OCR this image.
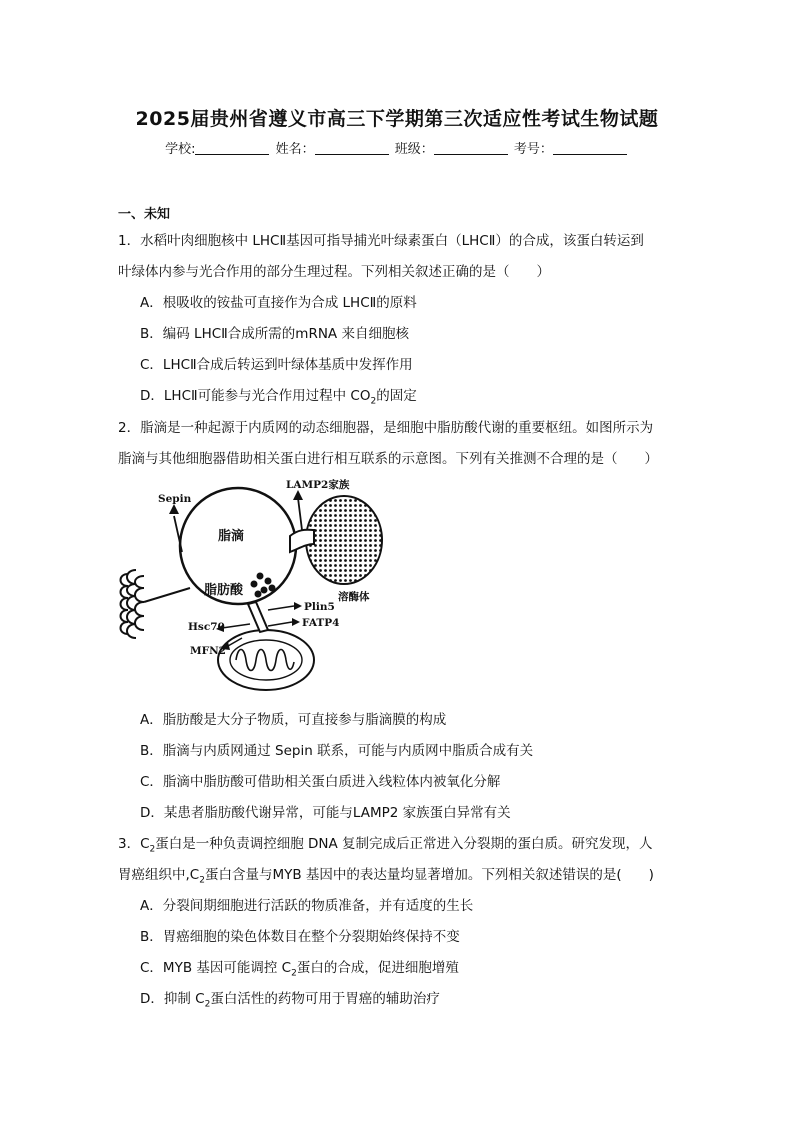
2025届贵州省遵义市高三下学期第三次适应性考试生物试题
学校:	姓名：	班级：	考号：
一、未知
1．水稻叶肉细胞核中 LHCⅡ基因可指导捕光叶绿素蛋白（LHCⅡ）的合成，该蛋白转运到
叶绿体内参与光合作用的部分生理过程。下列相关叙述正确的是（　　）
A．根吸收的铵盐可直接作为合成 LHCⅡ的原料
B．编码 LHCⅡ合成所需的mRNA 来自细胞核
C．LHCⅡ合成后转运到叶绿体基质中发挥作用
D．LHCⅡ可能参与光合作用过程中 $CO_2$的固定
2．脂滴是一种起源于内质网的动态细胞器，是细胞中脂肪酸代谢的重要枢纽。如图所示为
脂滴与其他细胞器借助相关蛋白进行相互联系的示意图。下列有关推测不合理的是（　　）
Sepin
LAMP2家族
溶酶体
Plin5
FATP4
Hsc70
MFN2
脂滴
脂肪酸
A．脂肪酸是大分子物质，可直接参与脂滴膜的构成
B．脂滴与内质网通过 Sepin 联系，可能与内质网中脂质合成有关
C．脂滴中脂肪酸可借助相关蛋白质进入线粒体内被氧化分解
D．某患者脂肪酸代谢异常，可能与LAMP2 家族蛋白异常有关
3．$C_2$蛋白是一种负责调控细胞 DNA 复制完成后正常进入分裂期的蛋白质。研究发现，人
胃癌组织中$,C_2$蛋白含量与MYB 基因中的表达量均显著增加。下列相关叙述错误的是(　　)
A．分裂间期细胞进行活跃的物质准备，并有适度的生长
B．胃癌细胞的染色体数目在整个分裂期始终保持不变
C．MYB 基因可能调控 $C_2$蛋白的合成，促进细胞增殖
D．抑制 $C_2$蛋白活性的药物可用于胃癌的辅助治疗
